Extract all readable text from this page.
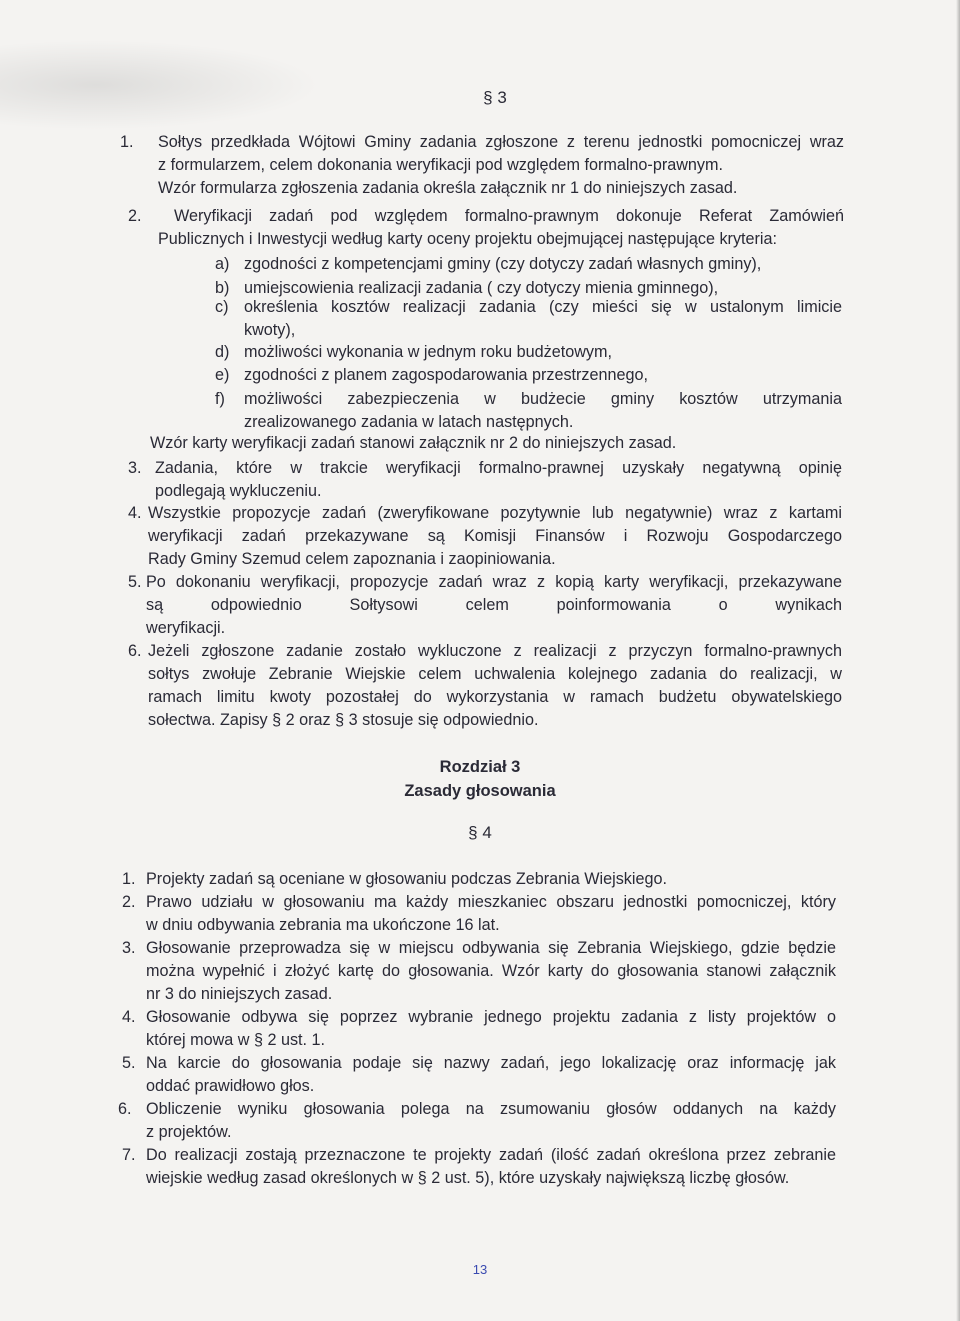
§ 3
1. Sołtys przedkłada Wójtowi Gminy zadania zgłoszone z terenu jednostki pomocniczej wraz
z formularzem, celem dokonania weryfikacji pod względem formalno-prawnym.
Wzór formularza zgłoszenia zadania określa załącznik nr 1 do niniejszych zasad.
2.	Weryfikacji zadań pod względem formalno-prawnym dokonuje Referat Zamówień
Publicznych i Inwestycji według karty oceny projektu obejmującej następujące kryteria:
a) zgodności z kompetencjami gminy (czy dotyczy zadań własnych gminy),
b) umiejscowienia realizacji zadania ( czy dotyczy mienia gminnego),
c) określenia kosztów realizacji zadania (czy mieści się w ustalonym limicie
kwoty),
d) możliwości wykonania w jednym roku budżetowym,
e) zgodności z planem zagospodarowania przestrzennego,
f) możliwości zabezpieczenia w budżecie gminy kosztów utrzymania
zrealizowanego zadania w latach następnych.
Wzór karty weryfikacji zadań stanowi załącznik nr 2 do niniejszych zasad.
3. Zadania, które w trakcie weryfikacji formalno-prawnej uzyskały negatywną opinię
podlegają wykluczeniu.
4. Wszystkie propozycje zadań (zweryfikowane pozytywnie lub negatywnie) wraz z kartami
weryfikacji zadań przekazywane są Komisji Finansów i Rozwoju Gospodarczego
Rady Gminy Szemud celem zapoznania i zaopiniowania.
5. Po dokonaniu weryfikacji, propozycje zadań wraz z kopią karty weryfikacji, przekazywane
są odpowiednio Sołtysowi celem poinformowania o wynikach
weryfikacji.
6. Jeżeli zgłoszone zadanie zostało wykluczone z realizacji z przyczyn formalno-prawnych
sołtys zwołuje Zebranie Wiejskie celem uchwalenia kolejnego zadania do realizacji, w
ramach limitu kwoty pozostałej do wykorzystania w ramach budżetu obywatelskiego
sołectwa. Zapisy § 2 oraz § 3 stosuje się odpowiednio.
Rozdział 3
Zasady głosowania
§ 4
1. Projekty zadań są oceniane w głosowaniu podczas Zebrania Wiejskiego.
2. Prawo udziału w głosowaniu ma każdy mieszkaniec obszaru jednostki pomocniczej, który
w dniu odbywania zebrania ma ukończone 16 lat.
3. Głosowanie przeprowadza się w miejscu odbywania się Zebrania Wiejskiego, gdzie będzie
można wypełnić i złożyć kartę do głosowania. Wzór karty do głosowania stanowi załącznik
nr 3 do niniejszych zasad.
4. Głosowanie odbywa się poprzez wybranie jednego projektu zadania z listy projektów o
której mowa w § 2 ust. 1.
5. Na karcie do głosowania podaje się nazwy zadań, jego lokalizację oraz informację jak
oddać prawidłowo głos.
6. Obliczenie wyniku głosowania polega na zsumowaniu głosów oddanych na każdy
z projektów.
7. Do realizacji zostają przeznaczone te projekty zadań (ilość zadań określona przez zebranie
wiejskie według zasad określonych w § 2 ust. 5), które uzyskały największą liczbę głosów.
13
